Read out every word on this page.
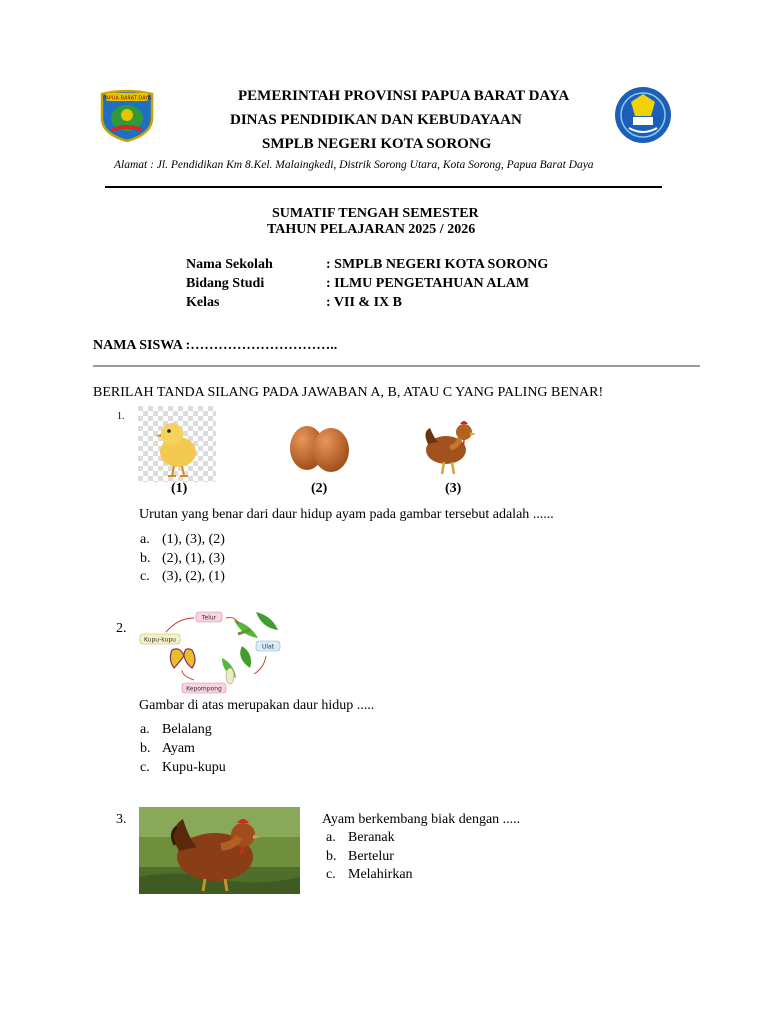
PAPUA BARAT DAYA	PEMERINTAH PROVINSI PAPUA BARAT DAYA
DINAS PENDIDIKAN DAN KEBUDAYAAN
SMPLB NEGERI KOTA SORONG
Alamat : Jl. Pendidikan Km 8.Kel. Malaingkedi, Distrik Sorong Utara, Kota Sorong, Papua Barat Daya
SUMATIF TENGAH SEMESTER
TAHUN PELAJARAN 2025 / 2026
Nama Sekolah	: SMPLB NEGERI KOTA SORONG
Bidang Studi	: ILMU PENGETAHUAN ALAM
Kelas	: VII & IX B
NAMA SISWA :…………………………..
BERILAH TANDA SILANG PADA JAWABAN A, B, ATAU C YANG PALING BENAR!
1.
(1)	(2)	(3)
Urutan yang benar dari daur hidup ayam pada gambar tersebut adalah ......
a. (1), (3), (2)
b. (2), (1), (3)
c. (3), (2), (1)
2.
Telur
Ulat
Kepompong
Kupu-kupu
Gambar di atas merupakan daur hidup .....
a. Belalang
b. Ayam
c. Kupu-kupu
3.	Ayam berkembang biak dengan .....
a. Beranak
b. Bertelur
c. Melahirkan
